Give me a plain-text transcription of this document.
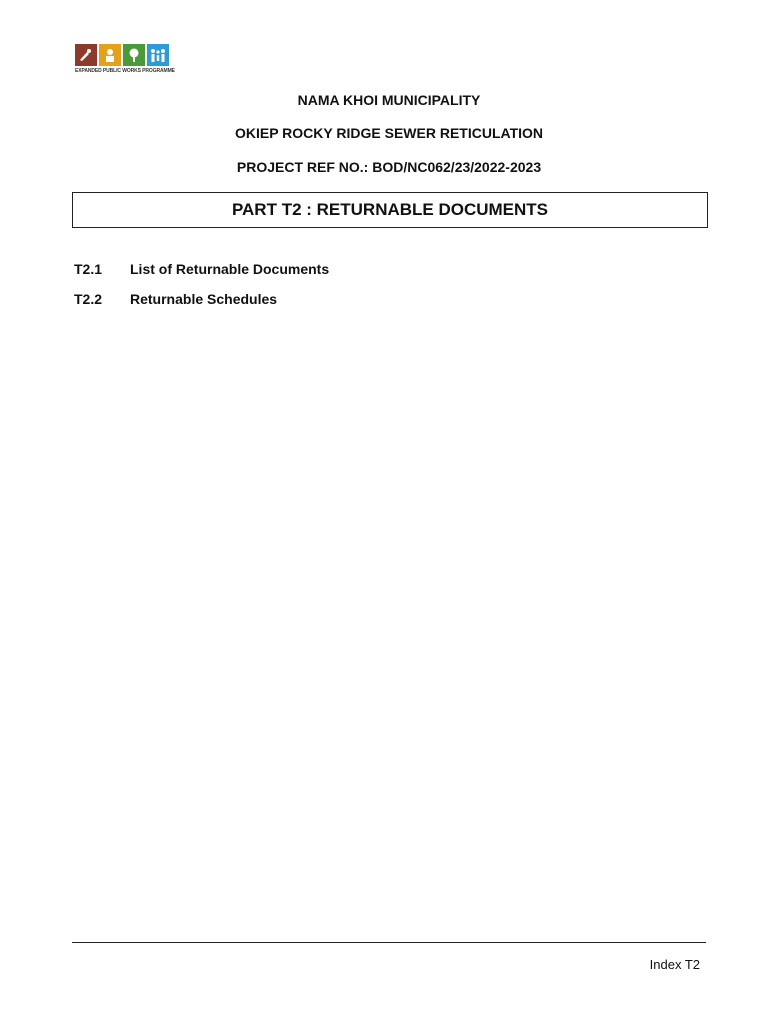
EXPANDED PUBLIC WORKS PROGRAMME
NAMA KHOI MUNICIPALITY
OKIEP ROCKY RIDGE SEWER RETICULATION
PROJECT REF NO.: BOD/NC062/23/2022-2023
PART T2 : RETURNABLE DOCUMENTS
T2.1 List of Returnable Documents
T2.2 Returnable Schedules
Index T2
